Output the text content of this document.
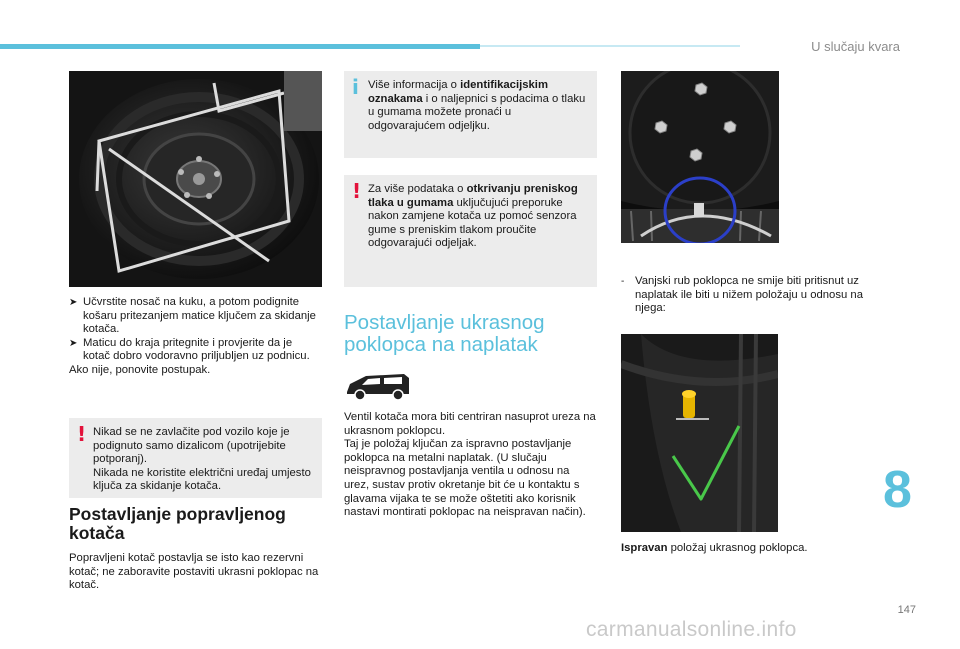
U slučaju kvara
➤ Učvrstite nosač na kuku, a potom podignite košaru pritezanjem matice ključem za skidanje kotača.
➤ Maticu do kraja pritegnite i provjerite da je kotač dobro vodoravno priljubljen uz podnicu.
Ako nije, ponovite postupak.
! Nikad se ne zavlačite pod vozilo koje je podignuto samo dizalicom (upotrijebite potporanj).
Nikada ne koristite električni uređaj umjesto ključa za skidanje kotača.
Postavljanje popravljenog kotača
Popravljeni kotač postavlja se isto kao rezervni kotač; ne zaboravite postaviti ukrasni poklopac na kotač.
i Više informacija o identifikacijskim oznakama i o naljepnici s podacima o tlaku u gumama možete pronaći u odgovarajućem odjeljku.
! Za više podataka o otkrivanju preniskog tlaka u gumama uključujući preporuke nakon zamjene kotača uz pomoć senzora gume s preniskim tlakom proučite odgovarajući odjeljak.
Postavljanje ukrasnog poklopca na naplatak
Ventil kotača mora biti centriran nasuprot ureza na ukrasnom poklopcu.
Taj je položaj ključan za ispravno postavljanje poklopca na metalni naplatak. (U slučaju neispravnog postavljanja ventila u odnosu na urez, sustav protiv okretanje bit će u kontaktu s glavama vijaka te se može oštetiti ako korisnik nastavi montirati poklopac na neispravan način).
- Vanjski rub poklopca ne smije biti pritisnut uz naplatak ile biti u nižem položaju u odnosu na njega:
Ispravan položaj ukrasnog poklopca.
8
147
carmanualsonline.info
